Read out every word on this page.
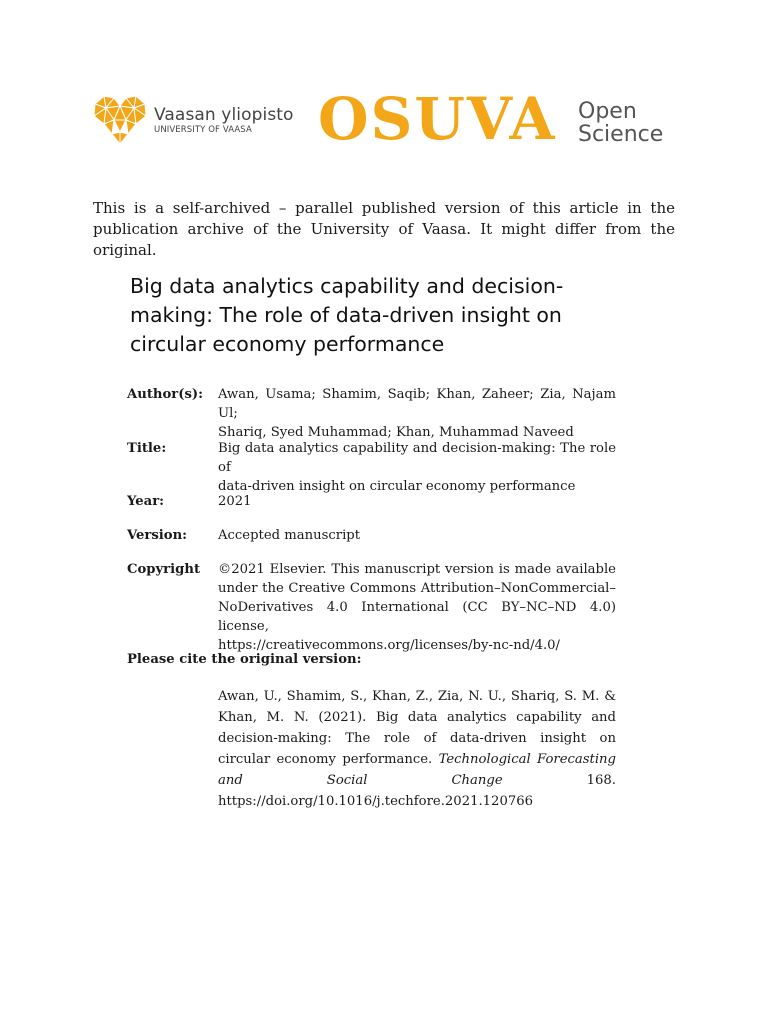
Vaasan yliopisto
UNIVERSITY OF VAASA	OSUVA Open
Science
This is a self-archived – parallel published version of this article in the publication archive of the University of Vaasa. It might differ from the original.
Big data analytics capability and decision-making: The role of data-driven insight on circular economy performance
Author(s): Awan, Usama; Shamim, Saqib; Khan, Zaheer; Zia, Najam Ul;
Shariq, Syed Muhammad; Khan, Muhammad Naveed
Title:	Big data analytics capability and decision-making: The role of
data-driven insight on circular economy performance
Year:	2021
Version: Accepted manuscript
Copyright ©2021 Elsevier. This manuscript version is made available
under the Creative Commons Attribution–NonCommercial–
NoDerivatives 4.0 International (CC BY–NC–ND 4.0) license,
https://creativecommons.org/licenses/by-nc-nd/4.0/
Please cite the original version:
Awan, U., Shamim, S., Khan, Z., Zia, N. U., Shariq, S. M. & Khan, M. N. (2021). Big data analytics capability and decision-making: The role of data-driven insight on circular economy performance. Technological Forecasting and Social Change 168. https://doi.org/10.1016/j.techfore.2021.120766
